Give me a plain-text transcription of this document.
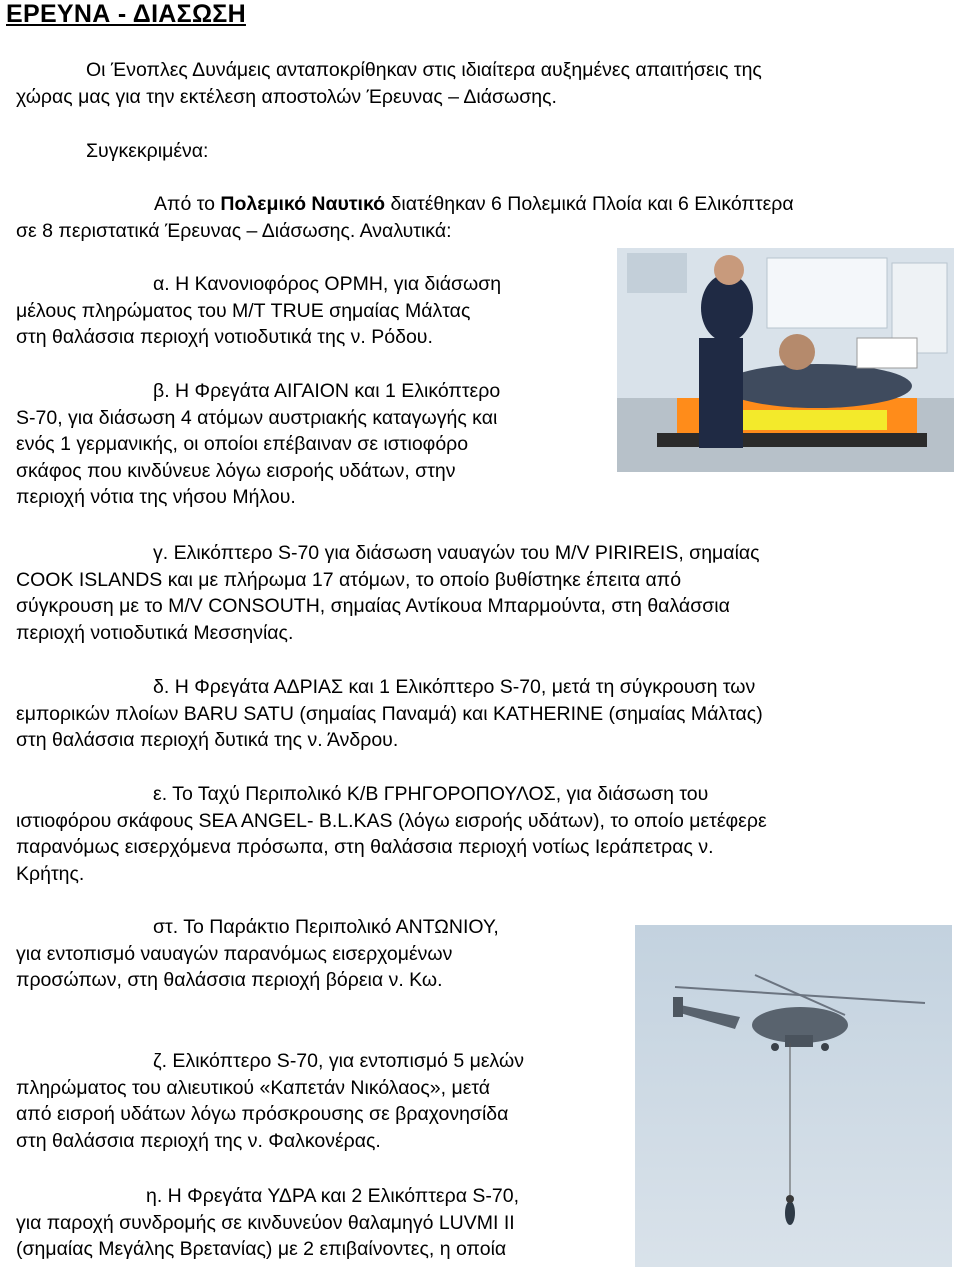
ΕΡΕΥΝΑ - ΔΙΑΣΩΣΗ
Οι Ένοπλες Δυνάμεις ανταποκρίθηκαν στις ιδιαίτερα αυξημένες απαιτήσεις της
χώρας μας για την εκτέλεση αποστολών Έρευνας – Διάσωσης.
Συγκεκριμένα:
Από το Πολεμικό Ναυτικό διατέθηκαν 6 Πολεμικά Πλοία και 6 Ελικόπτερα
σε 8 περιστατικά Έρευνας – Διάσωσης. Αναλυτικά:
α. Η Κανονιοφόρος ΟΡΜΗ, για διάσωση
μέλους πληρώματος του Μ/Τ TRUE σημαίας Μάλτας
στη θαλάσσια περιοχή νοτιοδυτικά της ν. Ρόδου.
β. Η Φρεγάτα ΑΙΓΑΙΟΝ και 1 Ελικόπτερο
S-70, για διάσωση 4 ατόμων αυστριακής καταγωγής και
ενός 1 γερμανικής, οι οποίοι επέβαιναν σε ιστιοφόρο
σκάφος που κινδύνευε λόγω εισροής υδάτων, στην
περιοχή νότια της νήσου Μήλου.
γ. Ελικόπτερο S-70 για διάσωση ναυαγών του M/V PIRIREIS, σημαίας
COOK ISLANDS και με πλήρωμα 17 ατόμων, το οποίο βυθίστηκε έπειτα από
σύγκρουση με το M/V CONSOUTH, σημαίας Αντίκουα Μπαρμούντα, στη θαλάσσια
περιοχή νοτιοδυτικά Μεσσηνίας.
δ. Η Φρεγάτα ΑΔΡΙΑΣ και 1 Ελικόπτερο S-70, μετά τη σύγκρουση των
εμπορικών πλοίων BARU SATU (σημαίας Παναμά) και KATHERINE (σημαίας Μάλτας)
στη θαλάσσια περιοχή δυτικά της ν. Άνδρου.
ε. Το Ταχύ Περιπολικό Κ/Β ΓΡΗΓΟΡΟΠΟΥΛΟΣ, για διάσωση του
ιστιοφόρου σκάφους SEA ANGEL- B.L.KAS (λόγω εισροής υδάτων), το οποίο μετέφερε
παρανόμως εισερχόμενα πρόσωπα, στη θαλάσσια περιοχή νοτίως Ιεράπετρας ν.
Κρήτης.
στ. Το Παράκτιο Περιπολικό ΑΝΤΩΝΙΟΥ,
για εντοπισμό ναυαγών παρανόμως εισερχομένων
προσώπων, στη θαλάσσια περιοχή βόρεια ν. Κω.
ζ. Ελικόπτερο S-70, για εντοπισμό 5 μελών
πληρώματος του αλιευτικού «Καπετάν Νικόλαος», μετά
από εισροή υδάτων λόγω πρόσκρουσης σε βραχονησίδα
στη θαλάσσια περιοχή της ν. Φαλκονέρας.
η. Η Φρεγάτα ΥΔΡΑ και 2 Ελικόπτερα S-70,
για παροχή συνδρομής σε κινδυνεύον θαλαμηγό LUVMI II
(σημαίας Μεγάλης Βρετανίας) με 2 επιβαίνοντες, η οποία
